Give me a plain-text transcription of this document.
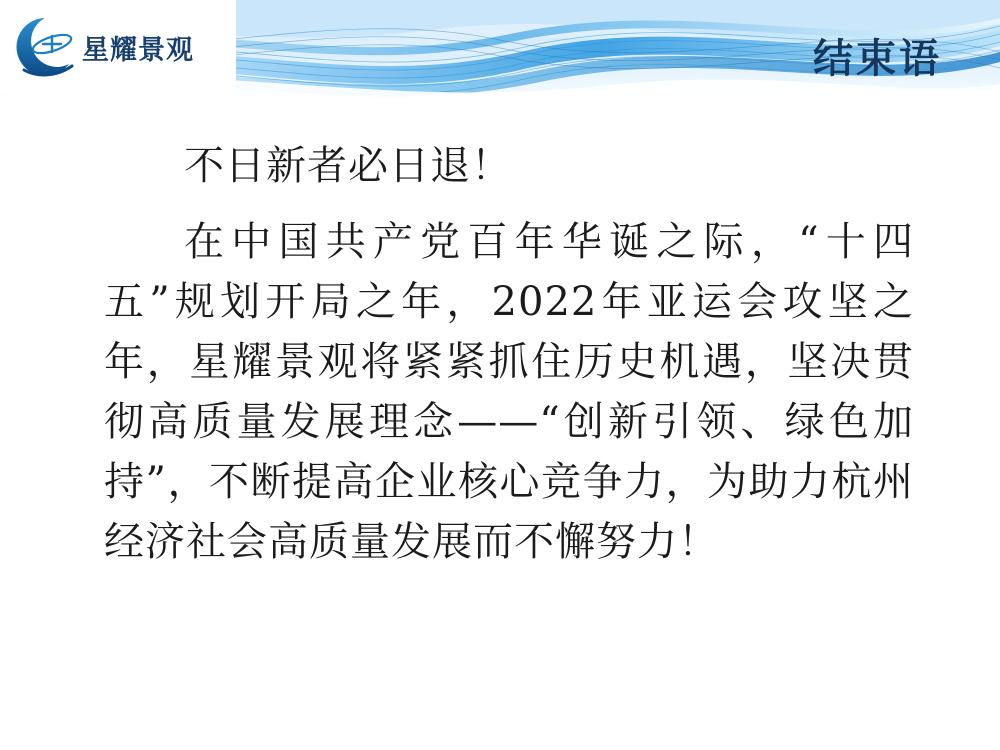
星耀景观	结束语

不日新者必日退！

在中国共产党百年华诞之际，“十四五”规划开局之年，2022年亚运会攻坚之年，星耀景观将紧紧抓住历史机遇，坚决贯彻高质量发展理念——“创新引领、绿色加持”，不断提高企业核心竞争力，为助力杭州经济社会高质量发展而不懈努力！
